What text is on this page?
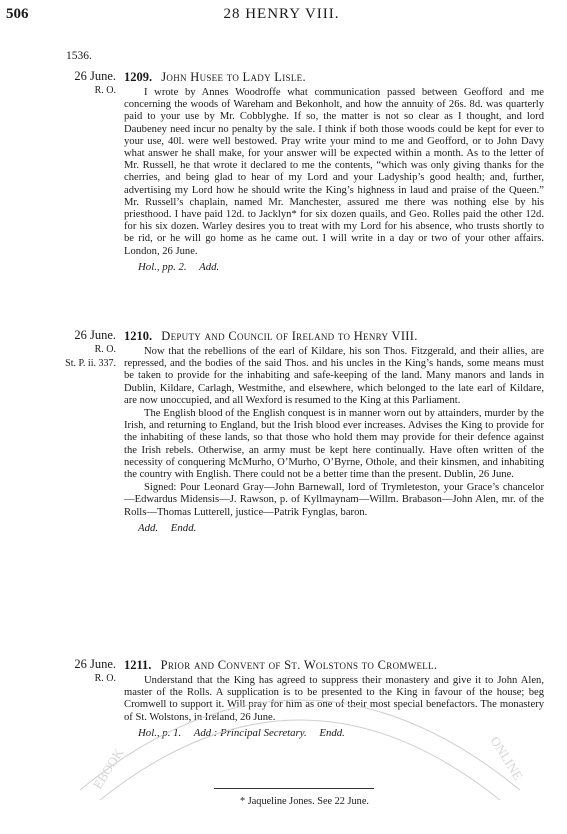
506	28 HENRY VIII.
1536.
26 June.
R. O.
1209. John Husee to Lady Lisle.

I wrote by Annes Woodroffe what communication passed between Geofford and me concerning the woods of Wareham and Bekonholt, and how the annuity of 26s. 8d. was quarterly paid to your use by Mr. Cobblyghe. If so, the matter is not so clear as I thought, and lord Daubeney need incur no penalty by the sale. I think if both those woods could be kept for ever to your use, 40l. were well bestowed. Pray write your mind to me and Geofford, or to John Davy what answer he shall make, for your answer will be expected within a month. As to the letter of Mr. Russell, he that wrote it declared to me the contents, “which was only giving thanks for the cherries, and being glad to hear of my Lord and your Ladyship’s good health; and, further, advertising my Lord how he should write the King’s highness in laud and praise of the Queen.” Mr. Russell’s chaplain, named Mr. Manchester, assured me there was nothing else by his priesthood. I have paid 12d. to Jacklyn* for six dozen quails, and Geo. Rolles paid the other 12d. for his six dozen. Warley desires you to treat with my Lord for his absence, who trusts shortly to be rid, or he will go home as he came out. I will write in a day or two of your other affairs. London, 26 June.

Hol., pp. 2. Add.
26 June.
R. O.
St. P. ii. 337.
1210. Deputy and Council of Ireland to Henry VIII.

Now that the rebellions of the earl of Kildare, his son Thos. Fitzgerald, and their allies, are repressed, and the bodies of the said Thos. and his uncles in the King’s hands, some means must be taken to provide for the inhabiting and safe-keeping of the land. Many manors and lands in Dublin, Kildare, Carlagh, Westmithe, and elsewhere, which belonged to the late earl of Kildare, are now unoccupied, and all Wexford is resumed to the King at this Parliament.

The English blood of the English conquest is in manner worn out by attainders, murder by the Irish, and returning to England, but the Irish blood ever increases. Advises the King to provide for the inhabiting of these lands, so that those who hold them may provide for their defence against the Irish rebels. Otherwise, an army must be kept here continually. Have often written of the necessity of conquering McMurho, O’Murho, O’Byrne, Othole, and their kinsmen, and inhabiting the country with English. There could not be a better time than the present. Dublin, 26 June.

Signed: Pour Leonard Gray—John Barnewall, lord of Trymleteston, your Grace’s chancelor—Edwardus Midensis—J. Rawson, p. of Kyllmaynam—Willm. Brabason—John Alen, mr. of the Rolls—Thomas Lutterell, justice—Patrik Fynglas, baron.

Add. Endd.
26 June.
R. O.
1211. Prior and Convent of St. Wolstons to Cromwell.

Understand that the King has agreed to suppress their monastery and give it to John Alen, master of the Rolls. A supplication is to be presented to the King in favour of the house; beg Cromwell to support it. Will pray for him as one of their most special benefactors. The monastery of St. Wolstons, in Ireland, 26 June.

Hol., p. 1. Add.: Principal Secretary. Endd.
* Jaqueline Jones. See 22 June.
EBOOK	ONLINE
